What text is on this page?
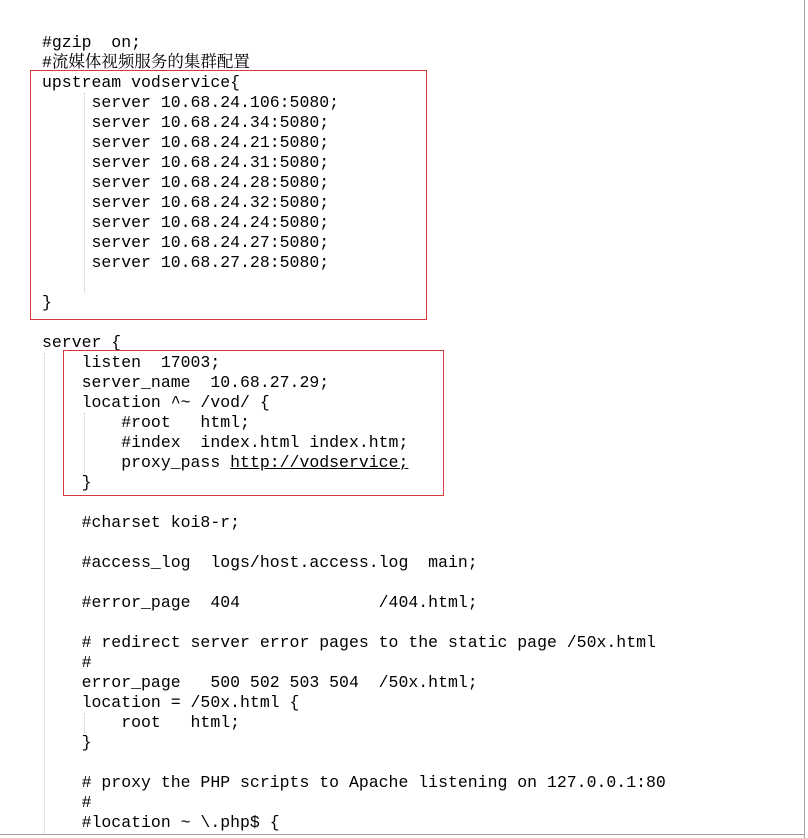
#gzip  on;
#流媒体视频服务的集群配置
upstream vodservice{
server 10.68.24.106:5080;
server 10.68.24.34:5080;
server 10.68.24.21:5080;
server 10.68.24.31:5080;
server 10.68.24.28:5080;
server 10.68.24.32:5080;
server 10.68.24.24:5080;
server 10.68.24.27:5080;
server 10.68.27.28:5080;
}
server {
listen  17003;
server_name  10.68.27.29;
location ^~ /vod/ {
#root   html;
#index  index.html index.htm;
proxy_pass http://vodservice;
}
#charset koi8-r;
#access_log  logs/host.access.log  main;
#error_page  404              /404.html;
# redirect server error pages to the static page /50x.html
#
error_page   500 502 503 504  /50x.html;
location = /50x.html {
root   html;
}
# proxy the PHP scripts to Apache listening on 127.0.0.1:80
#
#location ~ \.php$ {
